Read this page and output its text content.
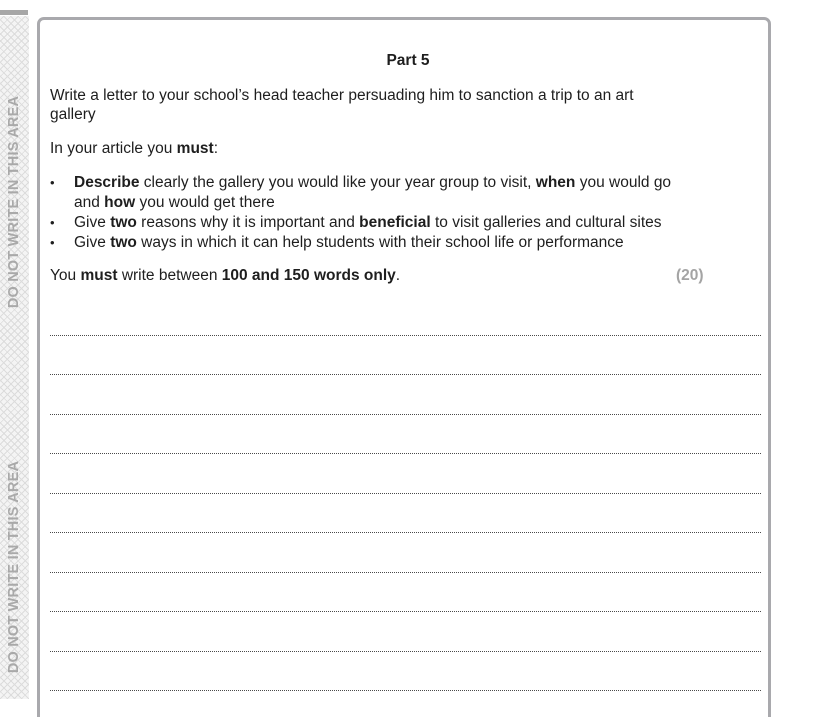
DO NOT WRITE IN THIS AREA
DO NOT WRITE IN THIS AREA
Part 5
Write a letter to your school’s head teacher persuading him to sanction a trip to an art gallery
In your article you must:
• Describe clearly the gallery you would like your year group to visit, when you would go and how you would get there
• Give two reasons why it is important and beneficial to visit galleries and cultural sites
• Give two ways in which it can help students with their school life or performance
You must write between 100 and 150 words only.	(20)
